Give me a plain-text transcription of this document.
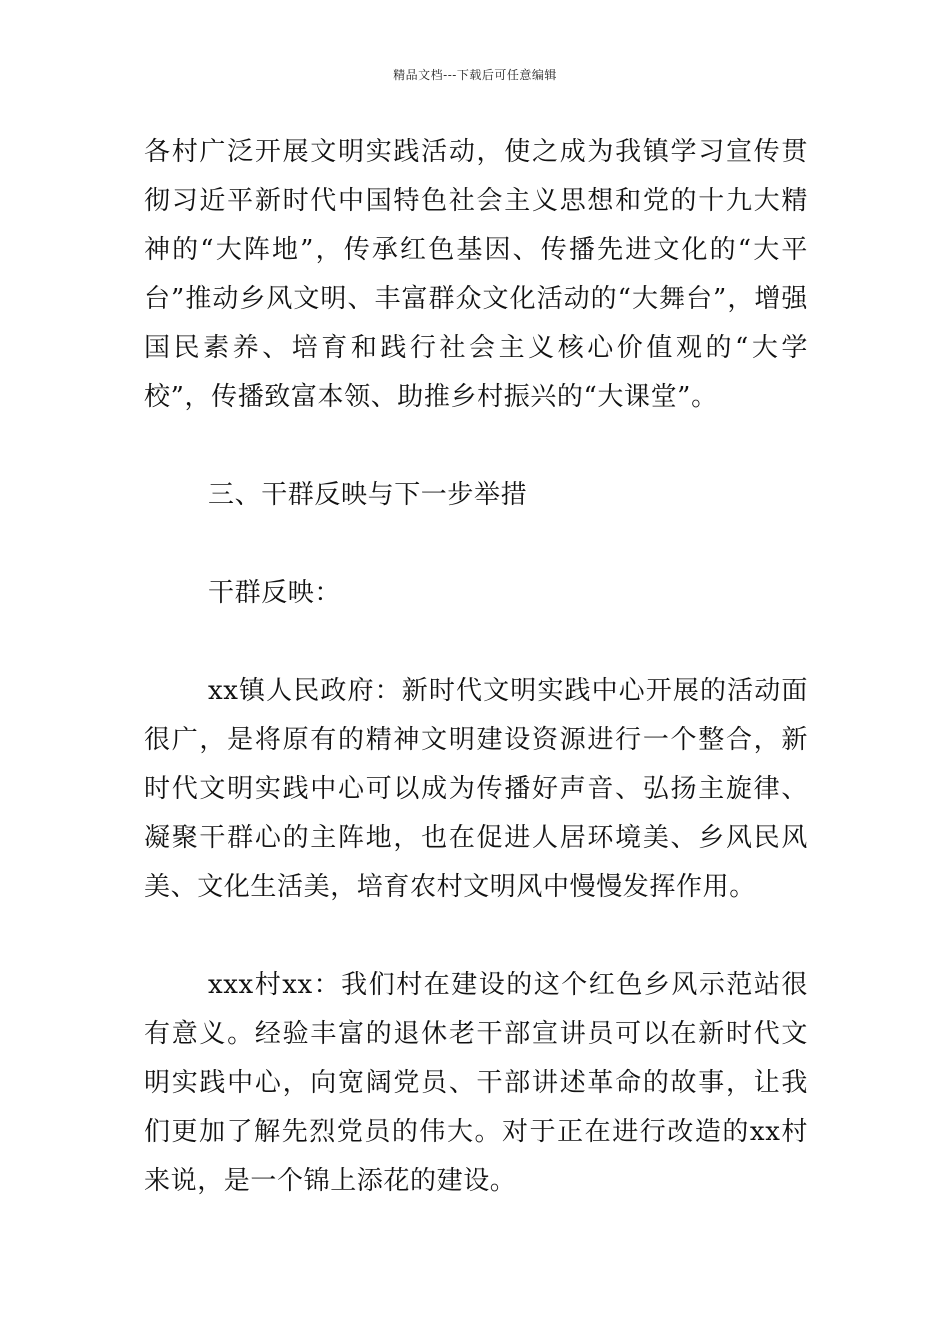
精品文档---下载后可任意编辑

各村广泛开展文明实践活动，使之成为我镇学习宣传贯彻习近平新时代中国特色社会主义思想和党的十九大精神的“大阵地”，传承红色基因、传播先进文化的“大平台”推动乡风文明、丰富群众文化活动的“大舞台”，增强国民素养、培育和践行社会主义核心价值观的“大学校”，传播致富本领、助推乡村振兴的“大课堂”。

三、干群反映与下一步举措

干群反映：

xx镇人民政府：新时代文明实践中心开展的活动面很广，是将原有的精神文明建设资源进行一个整合，新时代文明实践中心可以成为传播好声音、弘扬主旋律、凝聚干群心的主阵地，也在促进人居环境美、乡风民风美、文化生活美，培育农村文明风中慢慢发挥作用。

xxx村xx：我们村在建设的这个红色乡风示范站很有意义。经验丰富的退休老干部宣讲员可以在新时代文明实践中心，向宽阔党员、干部讲述革命的故事，让我们更加了解先烈党员的伟大。对于正在进行改造的xx村来说，是一个锦上添花的建设。
